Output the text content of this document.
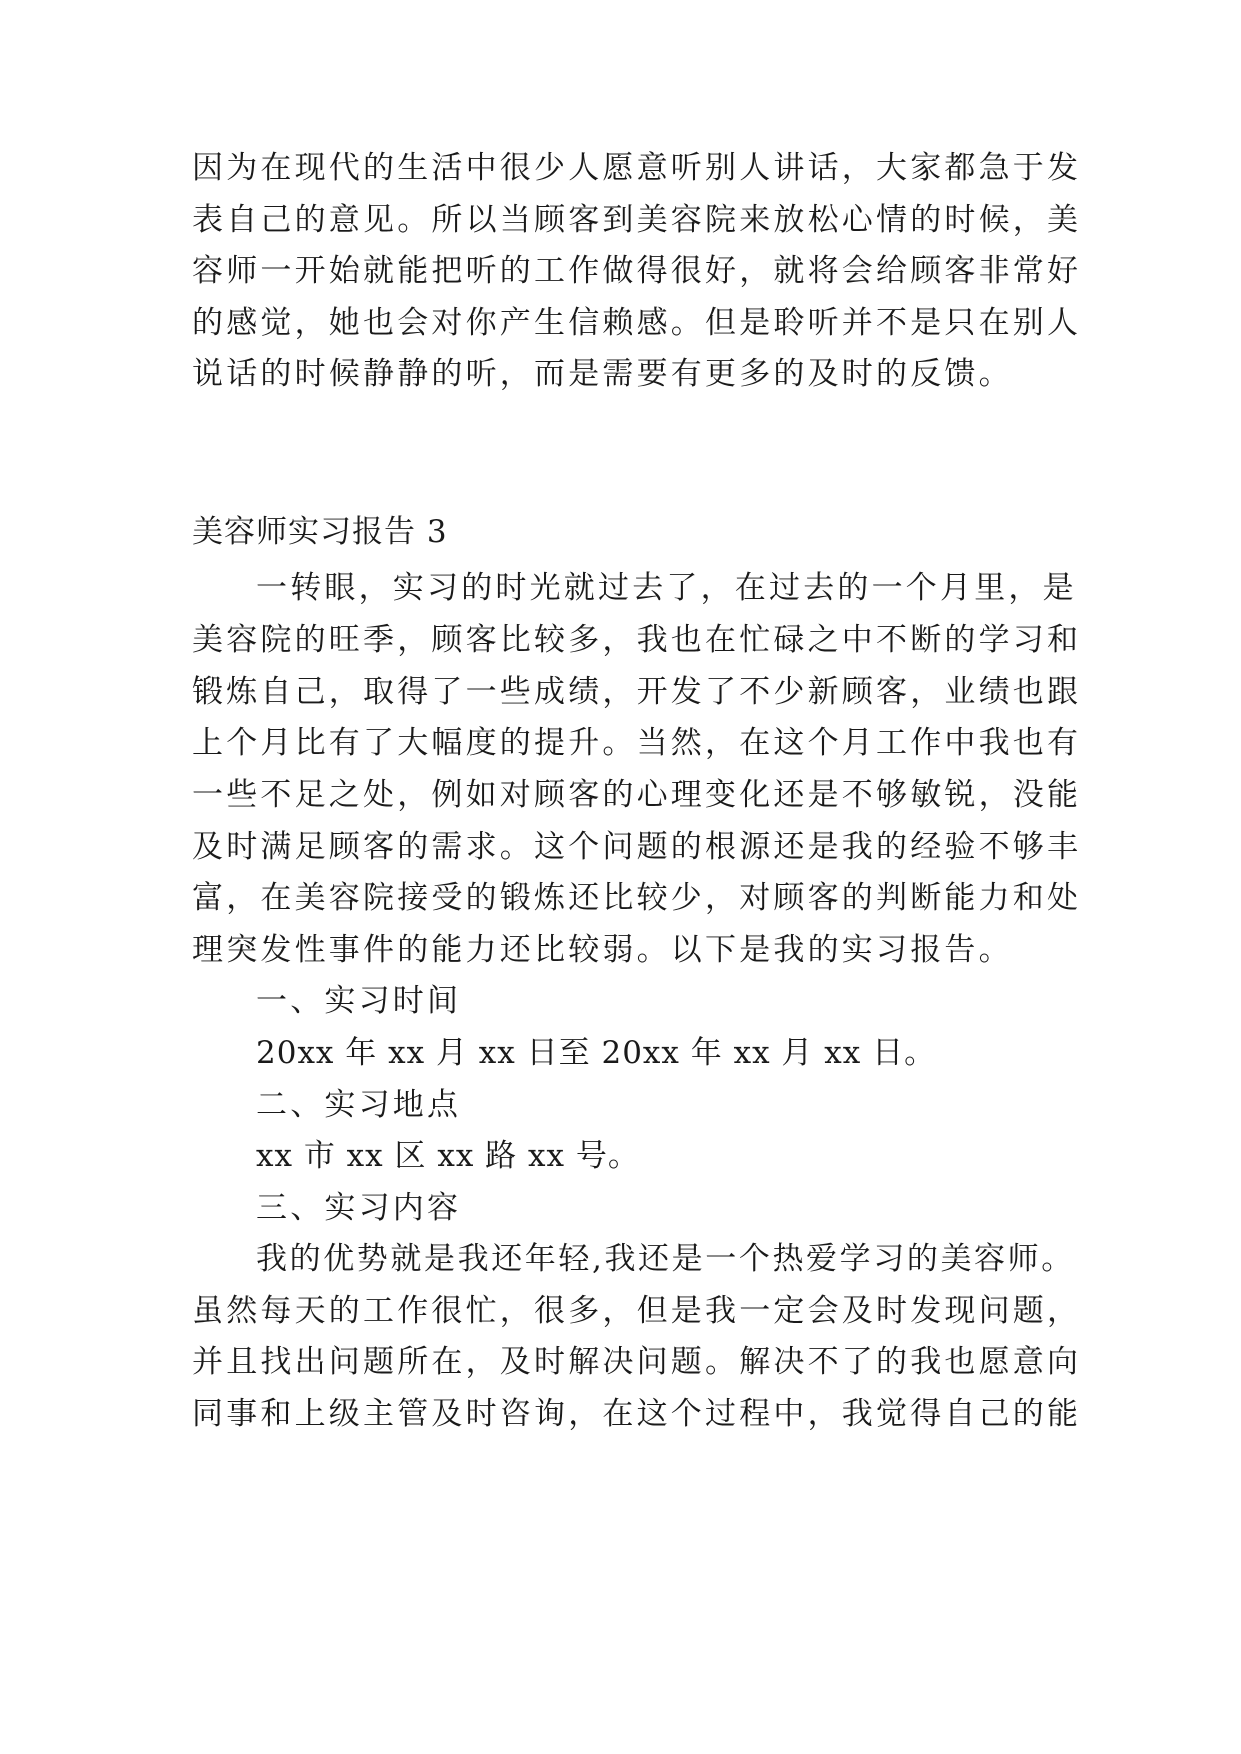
因为在现代的生活中很少人愿意听别人讲话，大家都急于发
表自己的意见。所以当顾客到美容院来放松心情的时候，美
容师一开始就能把听的工作做得很好，就将会给顾客非常好
的感觉，她也会对你产生信赖感。但是聆听并不是只在别人
说话的时候静静的听，而是需要有更多的及时的反馈。
美容师实习报告 3
一转眼，实习的时光就过去了，在过去的一个月里，是
美容院的旺季，顾客比较多，我也在忙碌之中不断的学习和
锻炼自己，取得了一些成绩，开发了不少新顾客，业绩也跟
上个月比有了大幅度的提升。当然，在这个月工作中我也有
一些不足之处，例如对顾客的心理变化还是不够敏锐，没能
及时满足顾客的需求。这个问题的根源还是我的经验不够丰
富，在美容院接受的锻炼还比较少，对顾客的判断能力和处
理突发性事件的能力还比较弱。以下是我的实习报告。
一、实习时间
20xx 年 xx 月 xx 日至 20xx 年 xx 月 xx 日。
二、实习地点
xx 市 xx 区 xx 路 xx 号。
三、实习内容
我的优势就是我还年轻,我还是一个热爱学习的美容师。
虽然每天的工作很忙，很多，但是我一定会及时发现问题，
并且找出问题所在，及时解决问题。解决不了的我也愿意向
同事和上级主管及时咨询，在这个过程中，我觉得自己的能
